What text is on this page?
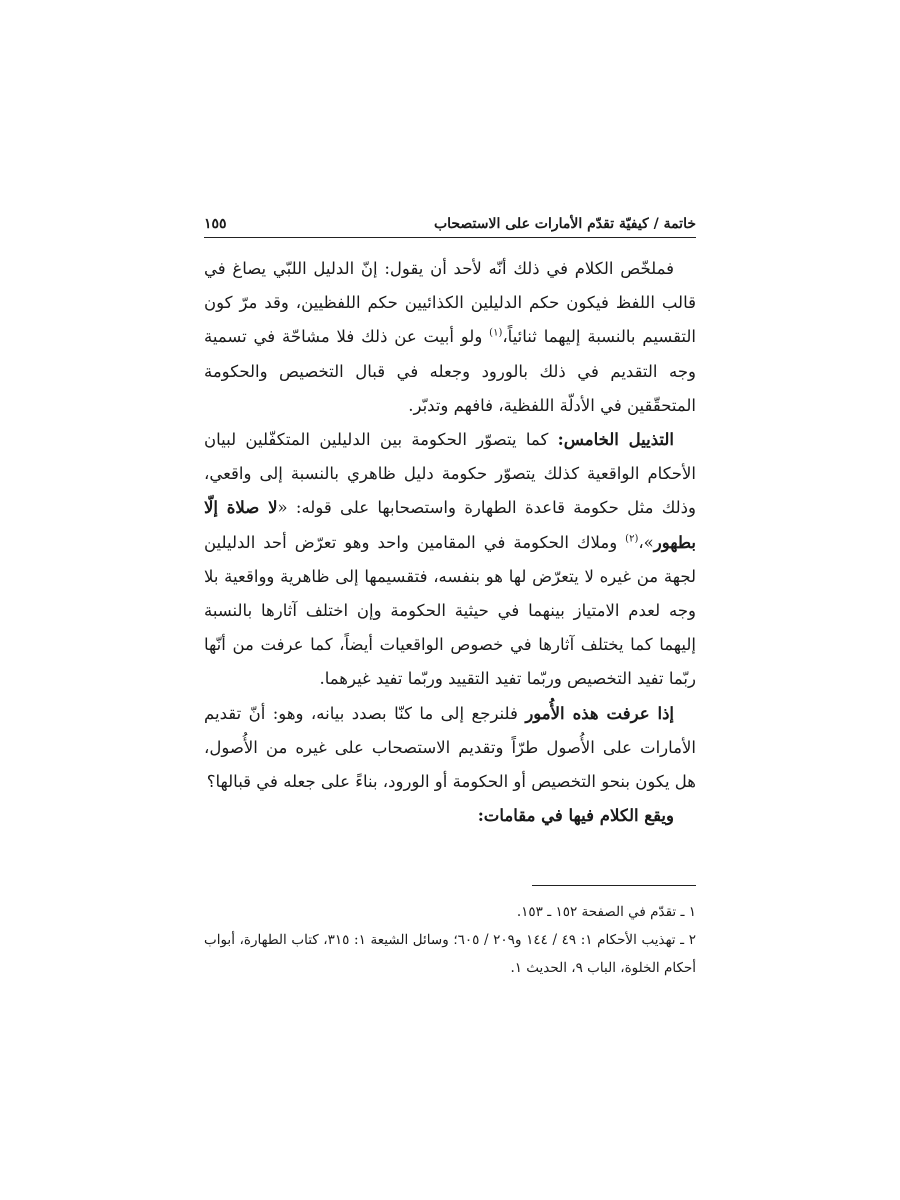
خاتمة / كيفيّة تقدّم الأمارات على الاستصحاب
١٥٥

فملخّص الكلام في ذلك أنّه لأحد أن يقول: إنّ الدليل اللبّي يصاغ في قالب اللفظ فيكون حكم الدليلين الكذائيين حكم اللفظيين، وقد مرّ كون التقسيم بالنسبة إليهما ثنائياً،$^{(١)}$ ولو أبيت عن ذلك فلا مشاحّة في تسمية وجه التقديم في ذلك بالورود وجعله في قبال التخصيص والحكومة المتحقّقين في الأدلّة اللفظية، فافهم وتدبّر.

التذييل الخامس: كما يتصوّر الحكومة بين الدليلين المتكفّلين لبيان الأحكام الواقعية كذلك يتصوّر حكومة دليل ظاهري بالنسبة إلى واقعي، وذلك مثل حكومة قاعدة الطهارة واستصحابها على قوله: «لا صلاة إلّا بطهور»،$^{(٢)}$ وملاك الحكومة في المقامين واحد وهو تعرّض أحد الدليلين لجهة من غيره لا يتعرّض لها هو بنفسه، فتقسيمها إلى ظاهرية وواقعية بلا وجه لعدم الامتياز بينهما في حيثية الحكومة وإن اختلف آثارها بالنسبة إليهما كما يختلف آثارها في خصوص الواقعيات أيضاً، كما عرفت من أنّها ربّما تفيد التخصيص وربّما تفيد التقييد وربّما تفيد غيرهما.

إذا عرفت هذه الأُمور فلنرجع إلى ما كنّا بصدد بيانه، وهو: أنّ تقديم الأمارات على الأُصول طرّاً وتقديم الاستصحاب على غيره من الأُصول، هل يكون بنحو التخصيص أو الحكومة أو الورود، بناءً على جعله في قبالها؟

ويقع الكلام فيها في مقامات:

١ ـ تقدّم في الصفحة ١٥٢ ـ ١٥٣.
٢ ـ تهذيب الأحكام ١: ٤٩ / ١٤٤ و٢٠٩ / ٦٠٥؛ وسائل الشيعة ١: ٣١٥، كتاب الطهارة، أبواب أحكام الخلوة، الباب ٩، الحديث ١.
